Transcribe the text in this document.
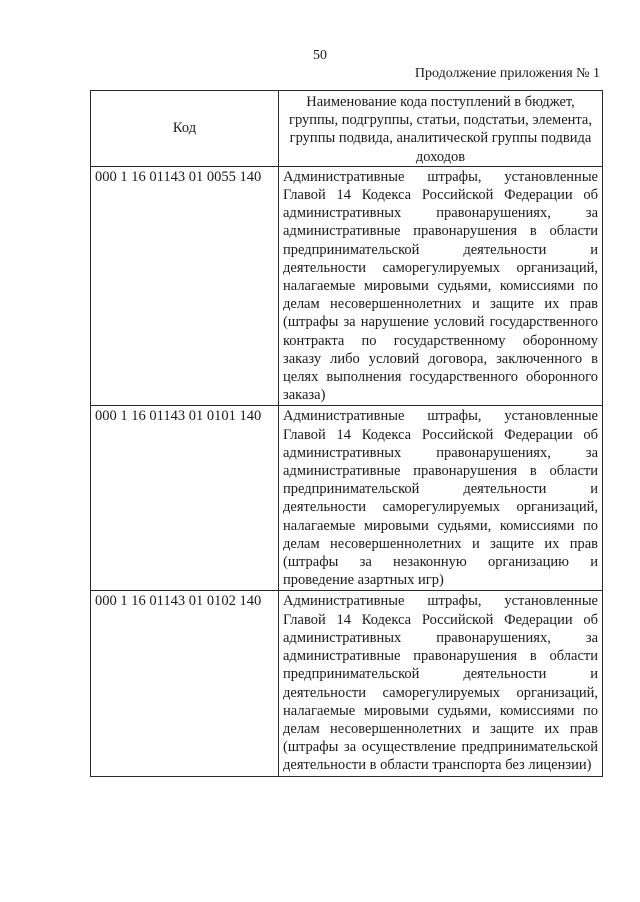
50
Продолжение приложения № 1
Код	Наименование кода поступлений в бюджет, группы, подгруппы, статьи, подстатьи, элемента, группы подвида, аналитической группы подвида доходов
000 1 16 01143 01 0055 140	Административные штрафы, установленные Главой 14 Кодекса Российской Федерации об административных правонарушениях, за административные правонарушения в области предпринимательской деятельности и деятельности саморегулируемых организаций, налагаемые мировыми судьями, комиссиями по делам несовершеннолетних и защите их прав (штрафы за нарушение условий государственного контракта по государственному оборонному заказу либо условий договора, заключенного в целях выполнения государственного оборонного заказа)
000 1 16 01143 01 0101 140	Административные штрафы, установленные Главой 14 Кодекса Российской Федерации об административных правонарушениях, за административные правонарушения в области предпринимательской деятельности и деятельности саморегулируемых организаций, налагаемые мировыми судьями, комиссиями по делам несовершеннолетних и защите их прав (штрафы за незаконную организацию и проведение азартных игр)
000 1 16 01143 01 0102 140	Административные штрафы, установленные Главой 14 Кодекса Российской Федерации об административных правонарушениях, за административные правонарушения в области предпринимательской деятельности и деятельности саморегулируемых организаций, налагаемые мировыми судьями, комиссиями по делам несовершеннолетних и защите их прав (штрафы за осуществление предпринимательской деятельности в области транспорта без лицензии)
